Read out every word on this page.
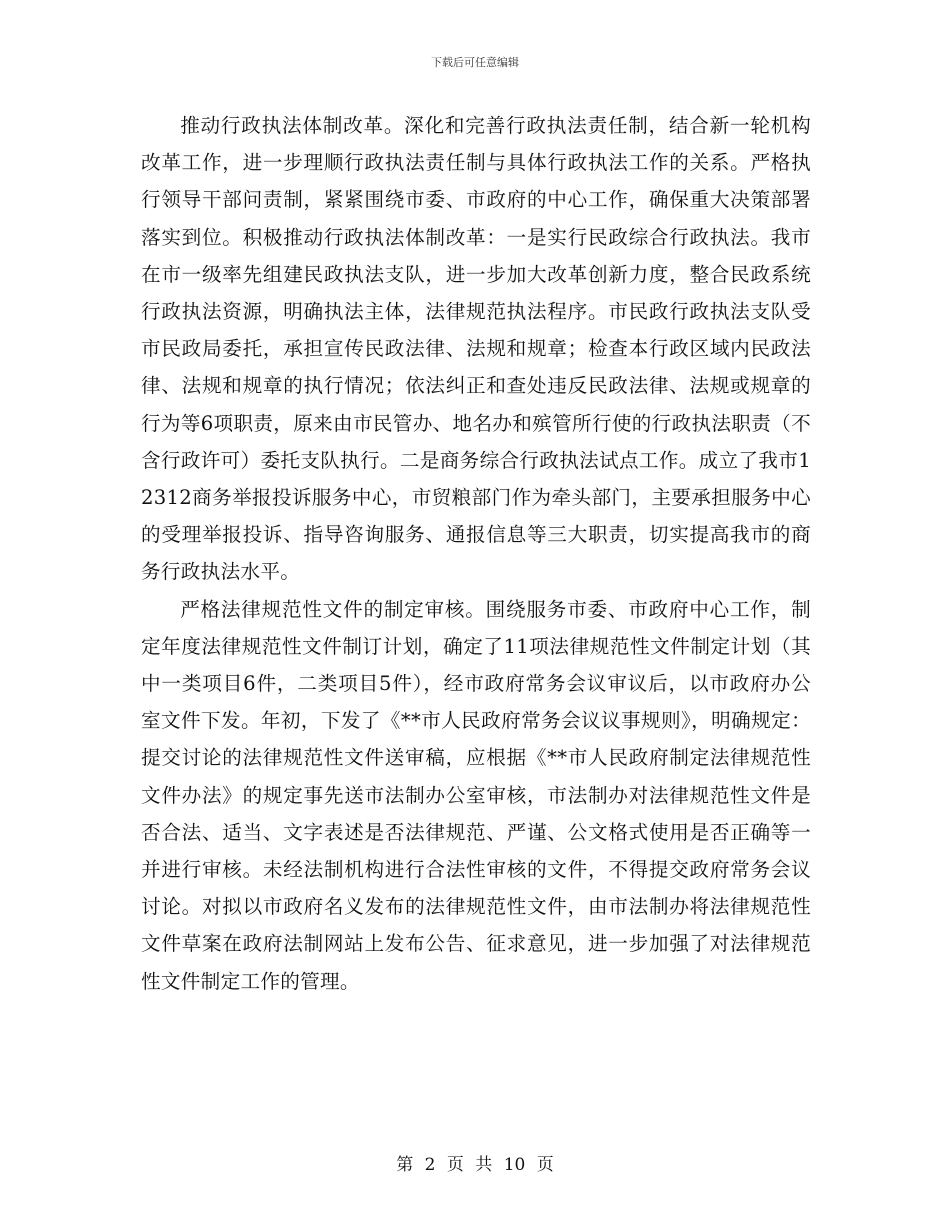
下载后可任意编辑

推动行政执法体制改革。深化和完善行政执法责任制，结合新一轮机构改革工作，进一步理顺行政执法责任制与具体行政执法工作的关系。严格执行领导干部问责制，紧紧围绕市委、市政府的中心工作，确保重大决策部署落实到位。积极推动行政执法体制改革：一是实行民政综合行政执法。我市在市一级率先组建民政执法支队，进一步加大改革创新力度，整合民政系统行政执法资源，明确执法主体，法律规范执法程序。市民政行政执法支队受市民政局委托，承担宣传民政法律、法规和规章；检查本行政区域内民政法律、法规和规章的执行情况；依法纠正和查处违反民政法律、法规或规章的行为等6项职责，原来由市民管办、地名办和殡管所行使的行政执法职责（不含行政许可）委托支队执行。二是商务综合行政执法试点工作。成立了我市12312商务举报投诉服务中心，市贸粮部门作为牵头部门，主要承担服务中心的受理举报投诉、指导咨询服务、通报信息等三大职责，切实提高我市的商务行政执法水平。

严格法律规范性文件的制定审核。围绕服务市委、市政府中心工作，制定年度法律规范性文件制订计划，确定了11项法律规范性文件制定计划（其中一类项目6件，二类项目5件），经市政府常务会议审议后，以市政府办公室文件下发。年初，下发了《**市人民政府常务会议议事规则》，明确规定：提交讨论的法律规范性文件送审稿，应根据《**市人民政府制定法律规范性文件办法》的规定事先送市法制办公室审核，市法制办对法律规范性文件是否合法、适当、文字表述是否法律规范、严谨、公文格式使用是否正确等一并进行审核。未经法制机构进行合法性审核的文件，不得提交政府常务会议讨论。对拟以市政府名义发布的法律规范性文件，由市法制办将法律规范性文件草案在政府法制网站上发布公告、征求意见，进一步加强了对法律规范性文件制定工作的管理。

第 2 页 共 10 页
